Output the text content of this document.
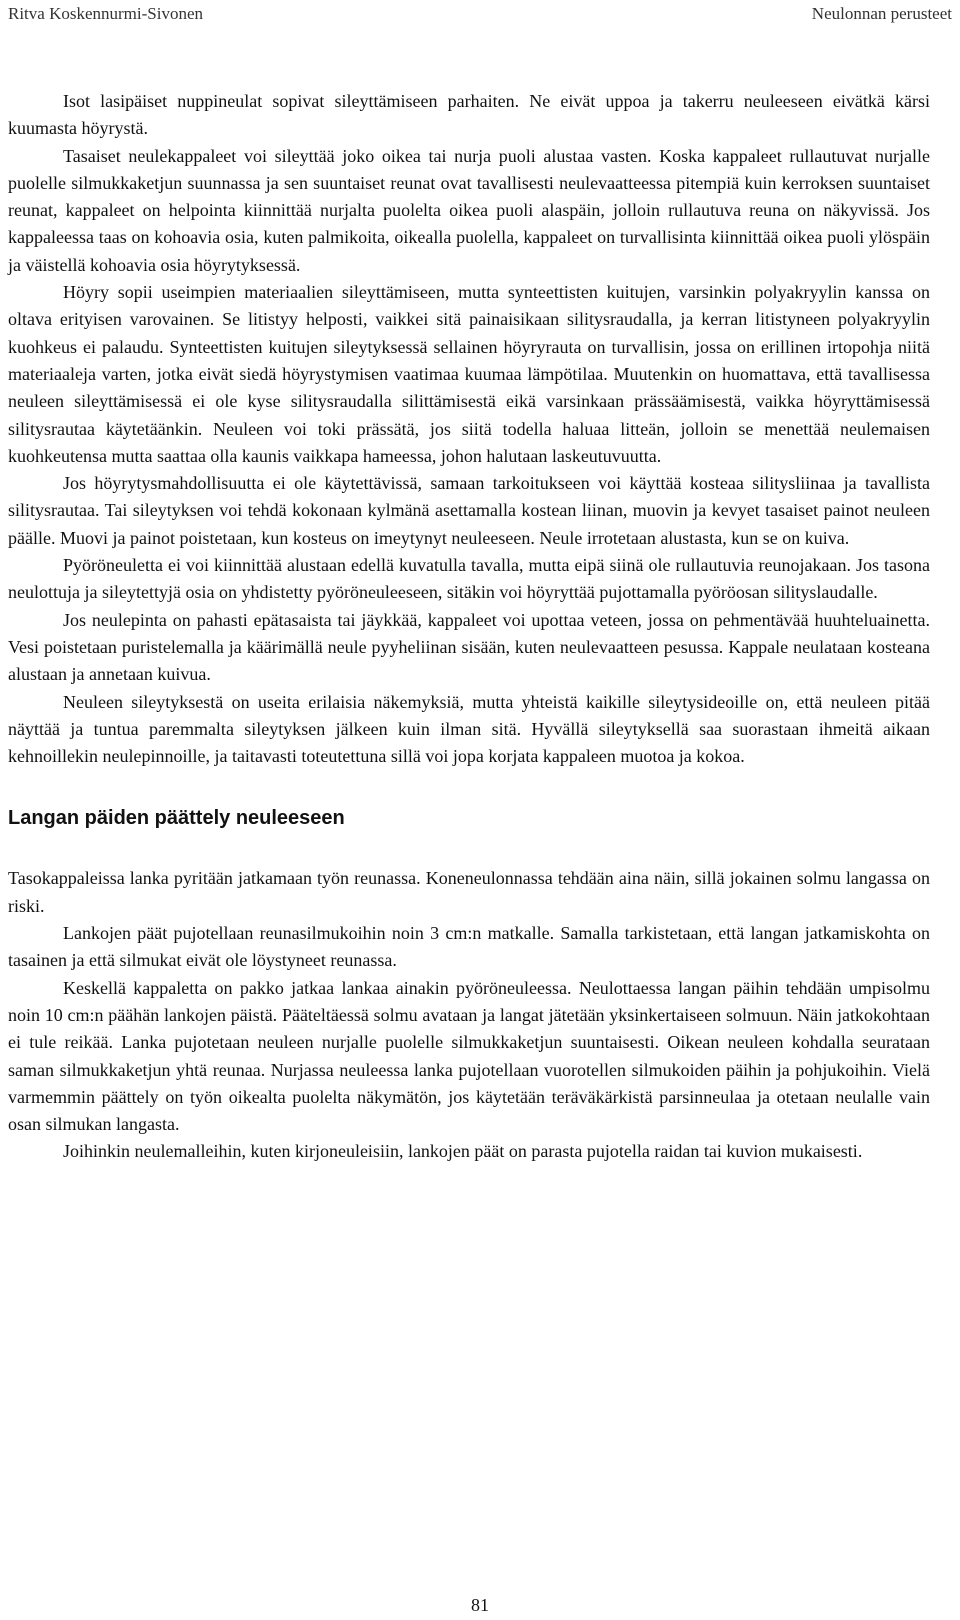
Ritva Koskennurmi-Sivonen	Neulonnan perusteet

Isot lasipäiset nuppineulat sopivat sileyttämiseen parhaiten. Ne eivät uppoa ja takerru neuleeseen eivätkä kärsi kuumasta höyrystä.

Tasaiset neulekappaleet voi sileyttää joko oikea tai nurja puoli alustaa vasten. Koska kappaleet rullautuvat nurjalle puolelle silmukkaketjun suunnassa ja sen suuntaiset reunat ovat tavallisesti neulevaatteessa pitempiä kuin kerroksen suuntaiset reunat, kappaleet on helpointa kiinnittää nurjalta puolelta oikea puoli alaspäin, jolloin rullautuva reuna on näkyvissä. Jos kappaleessa taas on kohoavia osia, kuten palmikoita, oikealla puolella, kappaleet on turvallisinta kiinnittää oikea puoli ylöspäin ja väistellä kohoavia osia höyrytyksessä.

Höyry sopii useimpien materiaalien sileyttämiseen, mutta synteettisten kuitujen, varsinkin polyakryylin kanssa on oltava erityisen varovainen. Se litistyy helposti, vaikkei sitä painaisikaan silitysraudalla, ja kerran litistyneen polyakryylin kuohkeus ei palaudu. Synteettisten kuitujen sileytyksessä sellainen höyryrauta on turvallisin, jossa on erillinen irtopohja niitä materiaaleja varten, jotka eivät siedä höyrystymisen vaatimaa kuumaa lämpötilaa. Muutenkin on huomattava, että tavallisessa neuleen sileyttämisessä ei ole kyse silitysraudalla silittämisestä eikä varsinkaan prässäämisestä, vaikka höyryttämisessä silitysrautaa käytetäänkin. Neuleen voi toki prässätä, jos siitä todella haluaa litteän, jolloin se menettää neulemaisen kuohkeutensa mutta saattaa olla kaunis vaikkapa hameessa, johon halutaan laskeutuvuutta.

Jos höyrytysmahdollisuutta ei ole käytettävissä, samaan tarkoitukseen voi käyttää kosteaa silitysliinaa ja tavallista silitysrautaa. Tai sileytyksen voi tehdä kokonaan kylmänä asettamalla kostean liinan, muovin ja kevyet tasaiset painot neuleen päälle. Muovi ja painot poistetaan, kun kosteus on imeytynyt neuleeseen. Neule irrotetaan alustasta, kun se on kuiva.

Pyöröneuletta ei voi kiinnittää alustaan edellä kuvatulla tavalla, mutta eipä siinä ole rullautuvia reunojakaan. Jos tasona neulottuja ja sileytettyjä osia on yhdistetty pyöröneuleeseen, sitäkin voi höyryttää pujottamalla pyöröosan silityslaudalle.

Jos neulepinta on pahasti epätasaista tai jäykkää, kappaleet voi upottaa veteen, jossa on pehmentävää huuhteluainetta. Vesi poistetaan puristelemalla ja käärimällä neule pyyheliinan sisään, kuten neulevaatteen pesussa. Kappale neulataan kosteana alustaan ja annetaan kuivua.

Neuleen sileytyksestä on useita erilaisia näkemyksiä, mutta yhteistä kaikille sileytysideoille on, että neuleen pitää näyttää ja tuntua paremmalta sileytyksen jälkeen kuin ilman sitä. Hyvällä sileytyksellä saa suorastaan ihmeitä aikaan kehnoillekin neulepinnoille, ja taitavasti toteutettuna sillä voi jopa korjata kappaleen muotoa ja kokoa.

Langan päiden päättely neuleeseen

Tasokappaleissa lanka pyritään jatkamaan työn reunassa. Koneneulonnassa tehdään aina näin, sillä jokainen solmu langassa on riski.

Lankojen päät pujotellaan reunasilmukoihin noin 3 cm:n matkalle. Samalla tarkistetaan, että langan jatkamiskohta on tasainen ja että silmukat eivät ole löystyneet reunassa.

Keskellä kappaletta on pakko jatkaa lankaa ainakin pyöröneuleessa. Neulottaessa langan päihin tehdään umpisolmu noin 10 cm:n päähän lankojen päistä. Pääteltäessä solmu avataan ja langat jätetään yksinkertaiseen solmuun. Näin jatkokohtaan ei tule reikää. Lanka pujotetaan neuleen nurjalle puolelle silmukkaketjun suuntaisesti. Oikean neuleen kohdalla seurataan saman silmukkaketjun yhtä reunaa. Nurjassa neuleessa lanka pujotellaan vuorotellen silmukoiden päihin ja pohjukoihin. Vielä varmemmin päättely on työn oikealta puolelta näkymätön, jos käytetään teräväkärkistä parsinneulaa ja otetaan neulalle vain osan silmukan langasta.

Joihinkin neulemalleihin, kuten kirjoneuleisiin, lankojen päät on parasta pujotella raidan tai kuvion mukaisesti.

81
